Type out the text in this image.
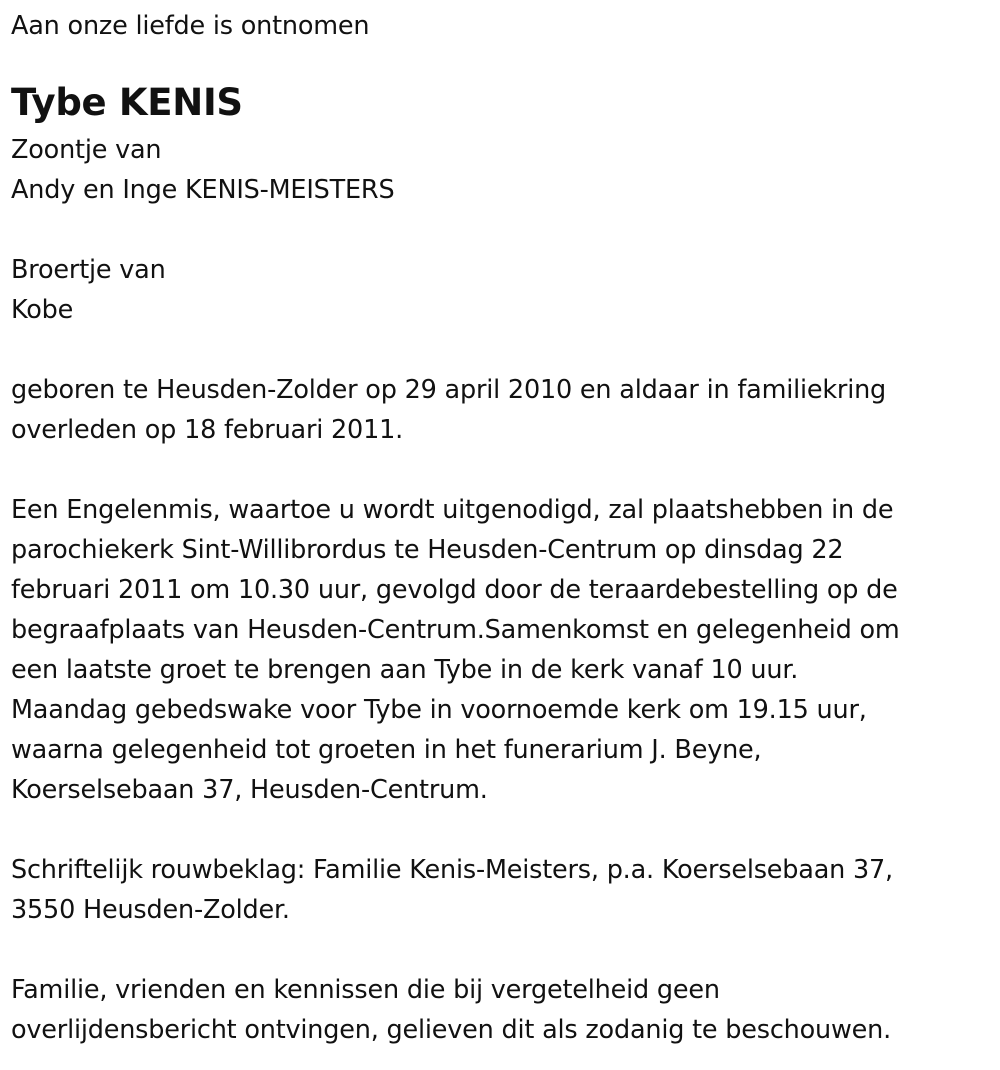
Aan onze liefde is ontnomen
Tybe KENIS
Zoontje van
Andy en Inge KENIS-MEISTERS
Broertje van
Kobe
geboren te Heusden-Zolder op 29 april 2010 en aldaar in familiekring
overleden op 18 februari 2011.
Een Engelenmis, waartoe u wordt uitgenodigd, zal plaatshebben in de
parochiekerk Sint-Willibrordus te Heusden-Centrum op dinsdag 22
februari 2011 om 10.30 uur, gevolgd door de teraardebestelling op de
begraafplaats van Heusden-Centrum.Samenkomst en gelegenheid om
een laatste groet te brengen aan Tybe in de kerk vanaf 10 uur.
Maandag gebedswake voor Tybe in voornoemde kerk om 19.15 uur,
waarna gelegenheid tot groeten in het funerarium J. Beyne,
Koerselsebaan 37, Heusden-Centrum.
Schriftelijk rouwbeklag: Familie Kenis-Meisters, p.a. Koerselsebaan 37,
3550 Heusden-Zolder.
Familie, vrienden en kennissen die bij vergetelheid geen
overlijdensbericht ontvingen, gelieven dit als zodanig te beschouwen.
